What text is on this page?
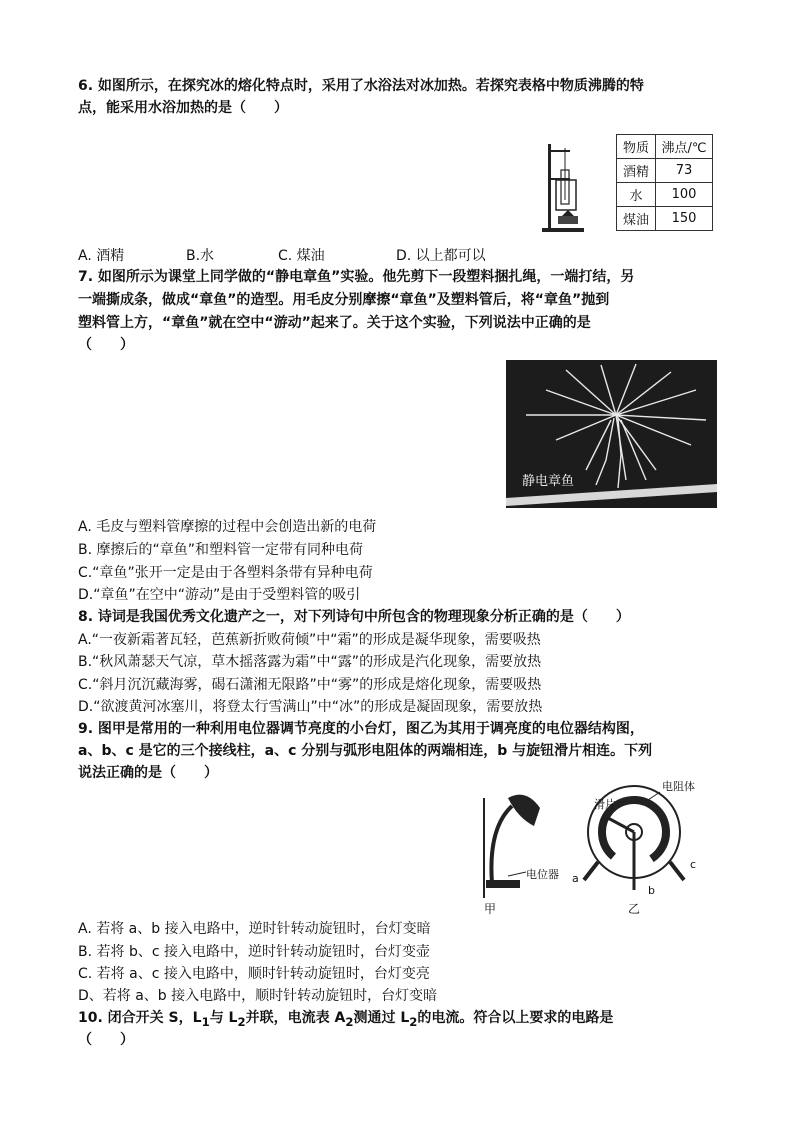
6. 如图所示，在探究冰的熔化特点时，采用了水浴法对冰加热。若探究表格中物质沸腾的特
点，能采用水浴加热的是（　　）
物质	沸点/℃
酒精	73
水	100
煤油	150
A. 酒精	B.水	C. 煤油	D. 以上都可以
7. 如图所示为课堂上同学做的“静电章鱼”实验。他先剪下一段塑料捆扎绳，一端打结，另
一端撕成条，做成“章鱼”的造型。用毛皮分别摩擦“章鱼”及塑料管后，将“章鱼”抛到
塑料管上方，“章鱼”就在空中“游动”起来了。关于这个实验，下列说法中正确的是
（　　）
静电章鱼
A. 毛皮与塑料管摩擦的过程中会创造出新的电荷
B. 摩擦后的“章鱼”和塑料管一定带有同种电荷
C.“章鱼”张开一定是由于各塑料条带有异种电荷
D.“章鱼”在空中“游动”是由于受塑料管的吸引
8. 诗词是我国优秀文化遗产之一，对下列诗句中所包含的物理现象分析正确的是（　　）
A.“一夜新霜著瓦轻，芭蕉新折败荷倾”中“霜”的形成是凝华现象，需要吸热
B.“秋风萧瑟天气凉，草木摇落露为霜”中“露”的形成是汽化现象，需要放热
C.“斜月沉沉藏海雾，碣石潇湘无限路”中“雾”的形成是熔化现象，需要吸热
D.“欲渡黄河冰塞川，将登太行雪满山”中“冰”的形成是凝固现象，需要放热
9. 图甲是常用的一种利用电位器调节亮度的小台灯，图乙为其用于调亮度的电位器结构图，
a、b、c 是它的三个接线柱，a、c 分别与弧形电阻体的两端相连，b 与旋钮滑片相连。下列
说法正确的是（　　）
电位器
甲
电阻体
滑片
a
b
c
乙
A. 若将 a、b 接入电路中，逆时针转动旋钮时，台灯变暗
B. 若将 b、c 接入电路中，逆时针转动旋钮时，台灯变壶
C. 若将 a、c 接入电路中，顺时针转动旋钮时，台灯变亮
D、若将 a、b 接入电路中，顺时针转动旋钮时，台灯变暗
10. 闭合开关 S，$L_1$与 $L_2$并联，电流表 $A_2$测通过 $L_2$的电流。符合以上要求的电路是
（　　）
